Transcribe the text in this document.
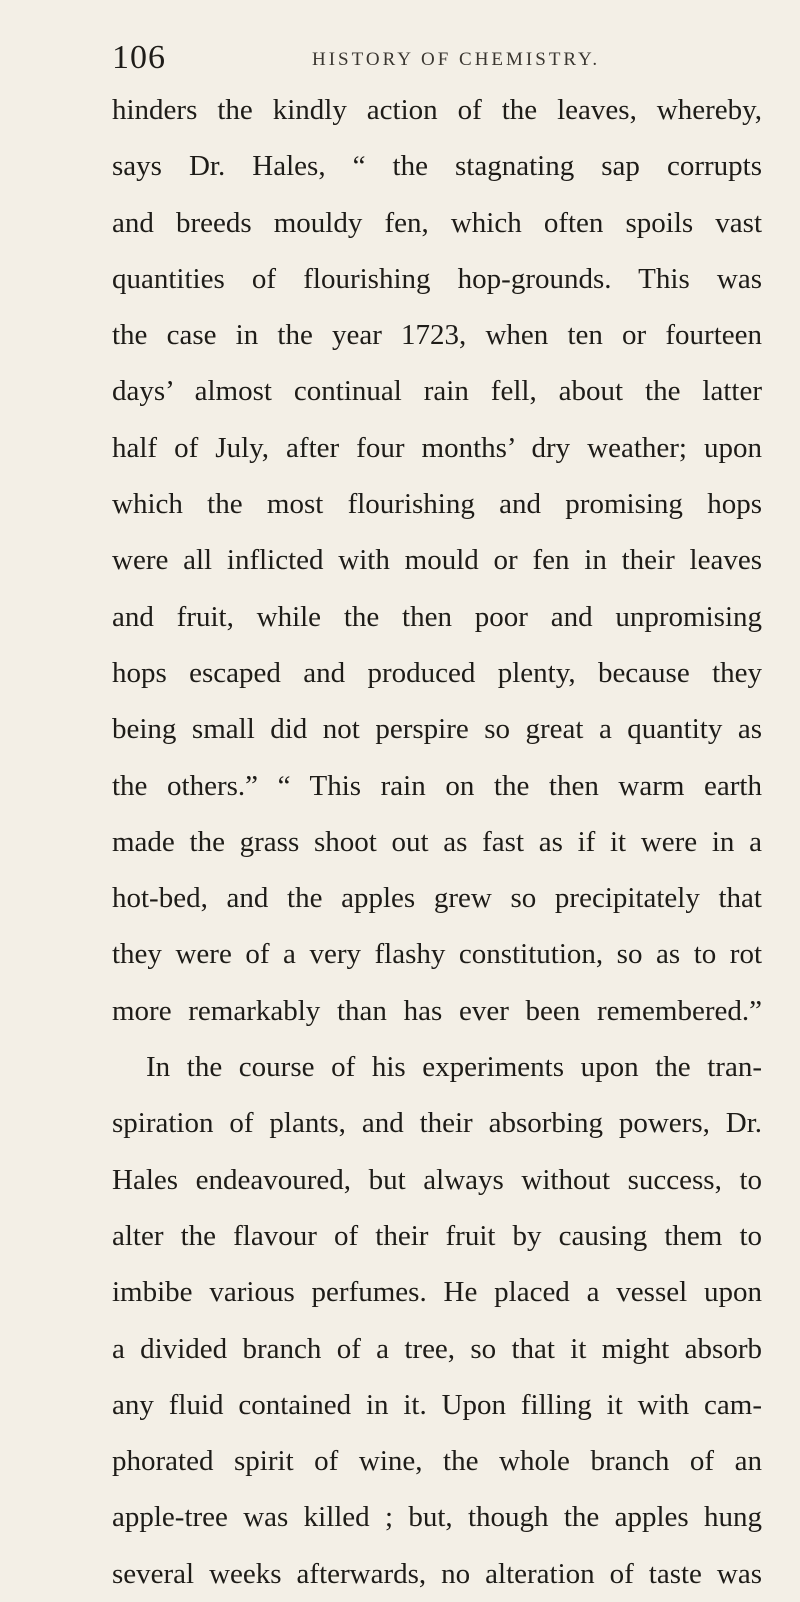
106	HISTORY OF CHEMISTRY.
hinders the kindly action of the leaves, whereby,
says Dr. Hales, “ the stagnating sap corrupts
and breeds mouldy fen, which often spoils vast
quantities of flourishing hop-grounds. This was
the case in the year 1723, when ten or fourteen
days’ almost continual rain fell, about the latter
half of July, after four months’ dry weather; upon
which the most flourishing and promising hops
were all inflicted with mould or fen in their leaves
and fruit, while the then poor and unpromising
hops escaped and produced plenty, because they
being small did not perspire so great a quantity as
the others.” “ This rain on the then warm earth
made the grass shoot out as fast as if it were in a
hot-bed, and the apples grew so precipitately that
they were of a very flashy constitution, so as to rot
more remarkably than has ever been remembered.”
In the course of his experiments upon the tran-
spiration of plants, and their absorbing powers, Dr.
Hales endeavoured, but always without success, to
alter the flavour of their fruit by causing them to
imbibe various perfumes. He placed a vessel upon
a divided branch of a tree, so that it might absorb
any fluid contained in it. Upon filling it with cam-
phorated spirit of wine, the whole branch of an
apple-tree was killed ; but, though the apples hung
several weeks afterwards, no alteration of taste was
